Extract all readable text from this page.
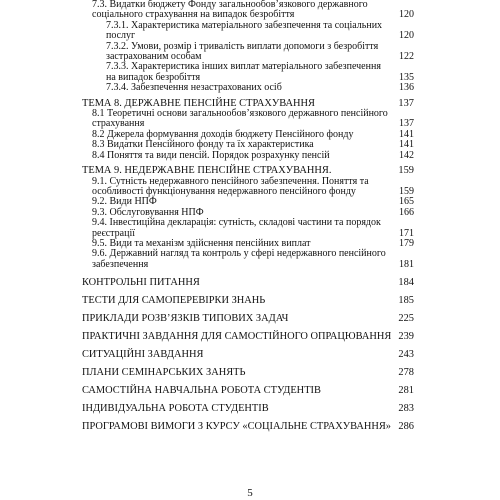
7.3. Видатки бюджету Фонду загальнообов’язкового державного соціального страхування на випадок безробіття	120
7.3.1. Характеристика матеріального забезпечення та соціальних послуг	120
7.3.2. Умови, розмір і тривалість виплати допомоги з безробіття застрахованим особам	122
7.3.3. Характеристика інших виплат матеріального забезпечення на випадок безробіття	135
7.3.4. Забезпечення незастрахованих осіб	136
ТЕМА 8. ДЕРЖАВНЕ ПЕНСІЙНЕ СТРАХУВАННЯ	137
8.1 Теоретичні основи загальнообов’язкового державного пенсійного страхування	137
8.2 Джерела формування доходів бюджету Пенсійного фонду	141
8.3 Видатки Пенсійного фонду та їх характеристика	141
8.4 Поняття та види пенсій. Порядок розрахунку пенсій	142
ТЕМА 9. НЕДЕРЖАВНЕ ПЕНСІЙНЕ СТРАХУВАННЯ.	159
9.1. Сутність недержавного пенсійного забезпечення. Поняття та особливості функціонування недержавного пенсійного фонду	159
9.2. Види НПФ	165
9.3. Обслуговування НПФ	166
9.4. Інвестиційна декларація: сутність, складові частини та порядок реєстрації	171
9.5. Види та механізм здійснення пенсійних виплат	179
9.6. Державний нагляд та контроль у сфері недержавного пенсійного забезпечення	181
КОНТРОЛЬНІ ПИТАННЯ	184
ТЕСТИ ДЛЯ САМОПЕРЕВІРКИ ЗНАНЬ	185
ПРИКЛАДИ РОЗВ’ЯЗКІВ ТИПОВИХ ЗАДАЧ	225
ПРАКТИЧНІ ЗАВДАННЯ ДЛЯ САМОСТІЙНОГО ОПРАЦЮВАННЯ 239
СИТУАЦІЙНІ ЗАВДАННЯ	243
ПЛАНИ СЕМІНАРСЬКИХ ЗАНЯТЬ	278
САМОСТІЙНА НАВЧАЛЬНА РОБОТА СТУДЕНТІВ	281
ІНДИВІДУАЛЬНА РОБОТА СТУДЕНТІВ	283
ПРОГРАМОВІ ВИМОГИ З КУРСУ «СОЦІАЛЬНЕ СТРАХУВАННЯ» 286
5
